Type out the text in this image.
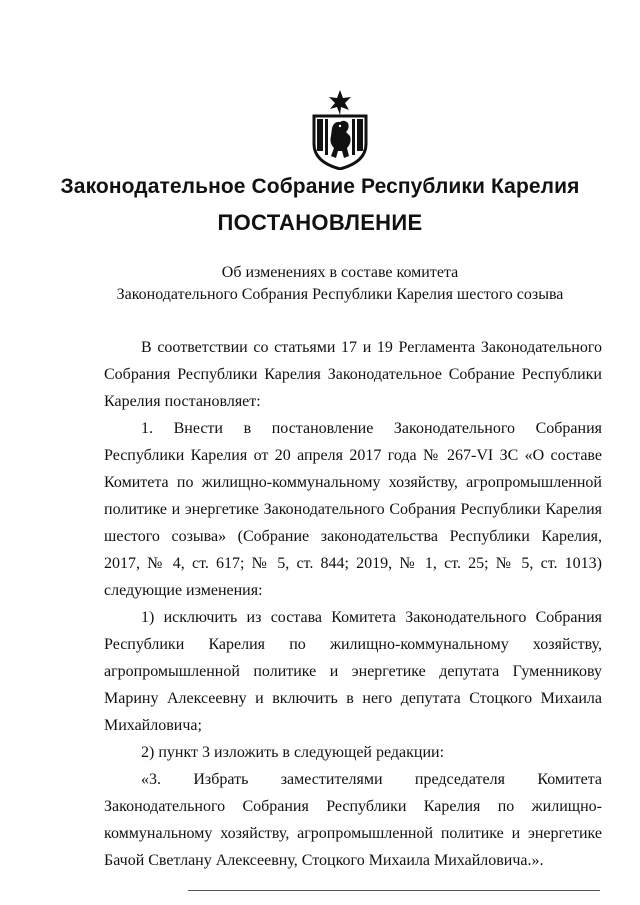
Законодательное Собрание Республики Карелия
ПОСТАНОВЛЕНИЕ
Об изменениях в составе комитета
Законодательного Собрания Республики Карелия шестого созыва

В соответствии со статьями 17 и 19 Регламента Законодательного Собрания Республики Карелия Законодательное Собрание Республики Карелия постановляет:

1. Внести в постановление Законодательного Собрания Республики Карелия от 20 апреля 2017 года № 267-VI ЗС «О составе Комитета по жилищно-коммунальному хозяйству, агропромышленной политике и энергетике Законодательного Собрания Республики Карелия шестого созыва» (Собрание законодательства Республики Карелия, 2017, № 4, ст. 617; № 5, ст. 844; 2019, № 1, ст. 25; № 5, ст. 1013) следующие изменения:

1) исключить из состава Комитета Законодательного Собрания Республики Карелия по жилищно-коммунальному хозяйству, агропромышленной политике и энергетике депутата Гуменникову Марину Алексеевну и включить в него депутата Стоцкого Михаила Михайловича;

2) пункт 3 изложить в следующей редакции:

«3. Избрать заместителями председателя Комитета Законодательного Собрания Республики Карелия по жилищно-коммунальному хозяйству, агропромышленной политике и энергетике Бачой Светлану Алексеевну, Стоцкого Михаила Михайловича.».
